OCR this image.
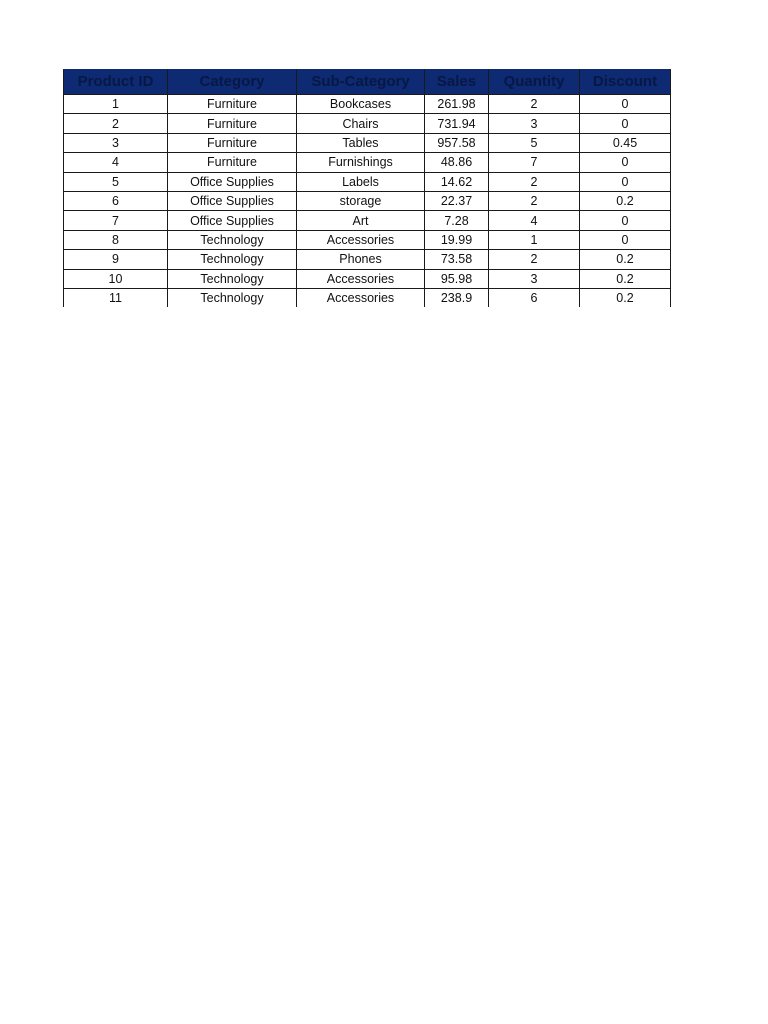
Product ID	Category	Sub-Category	Sales	Quantity	Discount
1	Furniture	Bookcases	261.98	2	0
2	Furniture	Chairs	731.94	3	0
3	Furniture	Tables	957.58	5	0.45
4	Furniture	Furnishings	48.86	7	0
5	Office Supplies	Labels	14.62	2	0
6	Office Supplies	storage	22.37	2	0.2
7	Office Supplies	Art	7.28	4	0
8	Technology	Accessories	19.99	1	0
9	Technology	Phones	73.58	2	0.2
10	Technology	Accessories	95.98	3	0.2
11	Technology	Accessories	238.9	6	0.2
